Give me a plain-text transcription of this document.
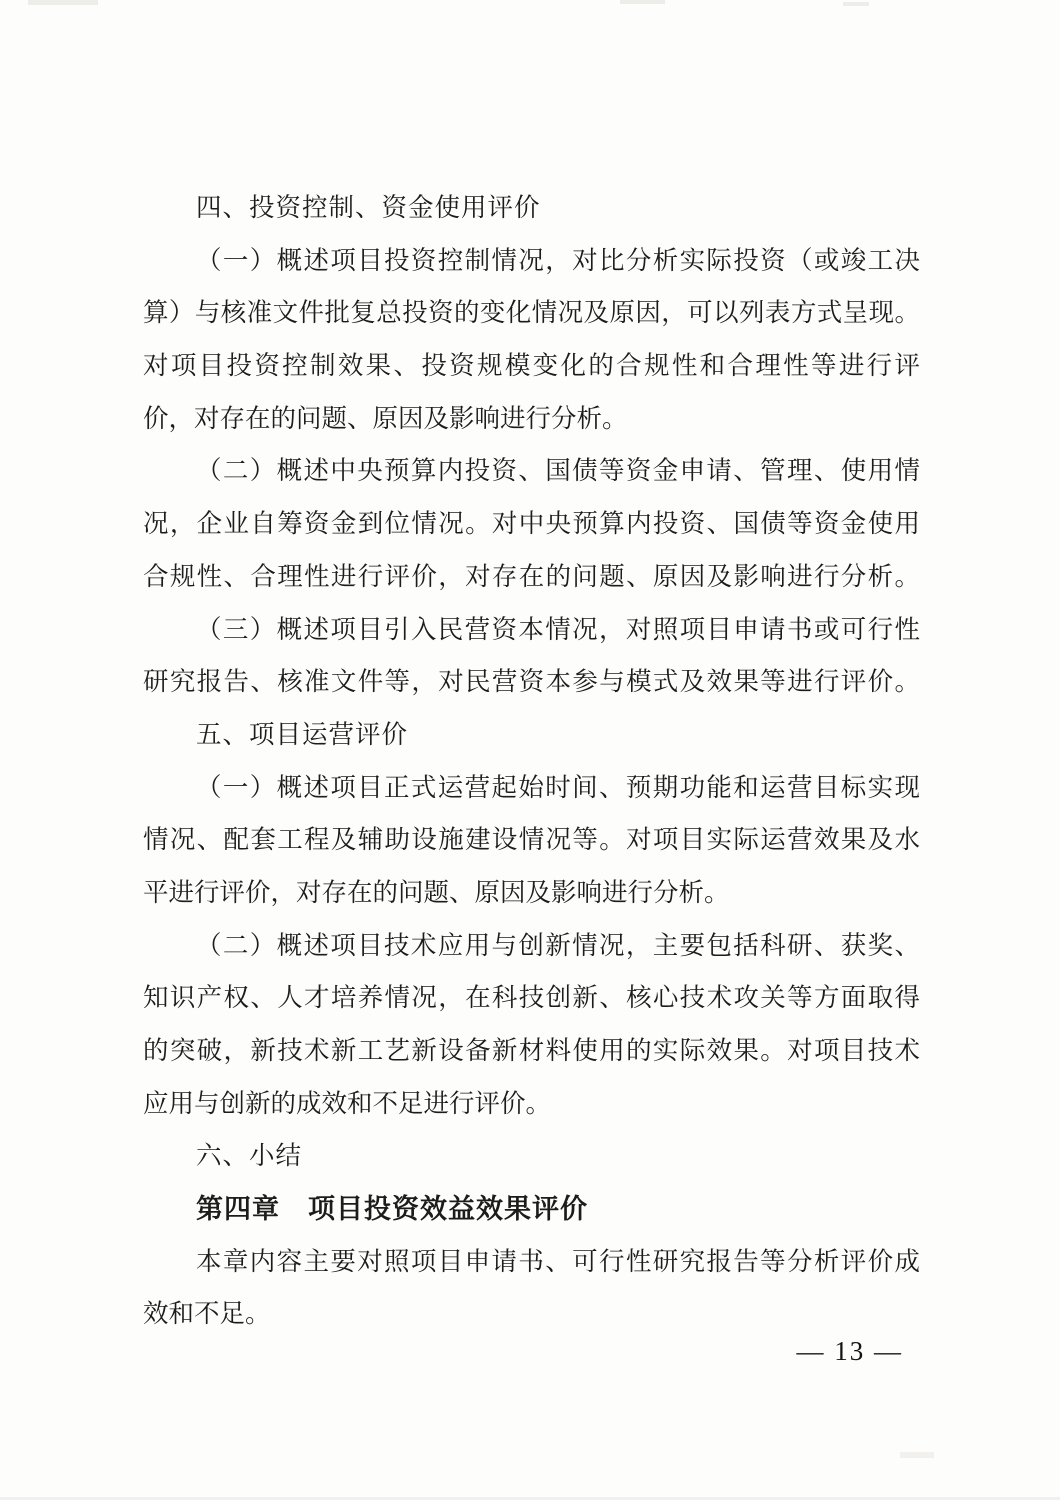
四、投资控制、资金使用评价
（一）概述项目投资控制情况，对比分析实际投资（或竣工决
算）与核准文件批复总投资的变化情况及原因，可以列表方式呈现。
对项目投资控制效果、投资规模变化的合规性和合理性等进行评
价，对存在的问题、原因及影响进行分析。
（二）概述中央预算内投资、国债等资金申请、管理、使用情
况，企业自筹资金到位情况。对中央预算内投资、国债等资金使用
合规性、合理性进行评价，对存在的问题、原因及影响进行分析。
（三）概述项目引入民营资本情况，对照项目申请书或可行性
研究报告、核准文件等，对民营资本参与模式及效果等进行评价。
五、项目运营评价
（一）概述项目正式运营起始时间、预期功能和运营目标实现
情况、配套工程及辅助设施建设情况等。对项目实际运营效果及水
平进行评价，对存在的问题、原因及影响进行分析。
（二）概述项目技术应用与创新情况，主要包括科研、获奖、
知识产权、人才培养情况，在科技创新、核心技术攻关等方面取得
的突破，新技术新工艺新设备新材料使用的实际效果。对项目技术
应用与创新的成效和不足进行评价。
六、小结
第四章　项目投资效益效果评价
本章内容主要对照项目申请书、可行性研究报告等分析评价成
效和不足。
— 13 —
